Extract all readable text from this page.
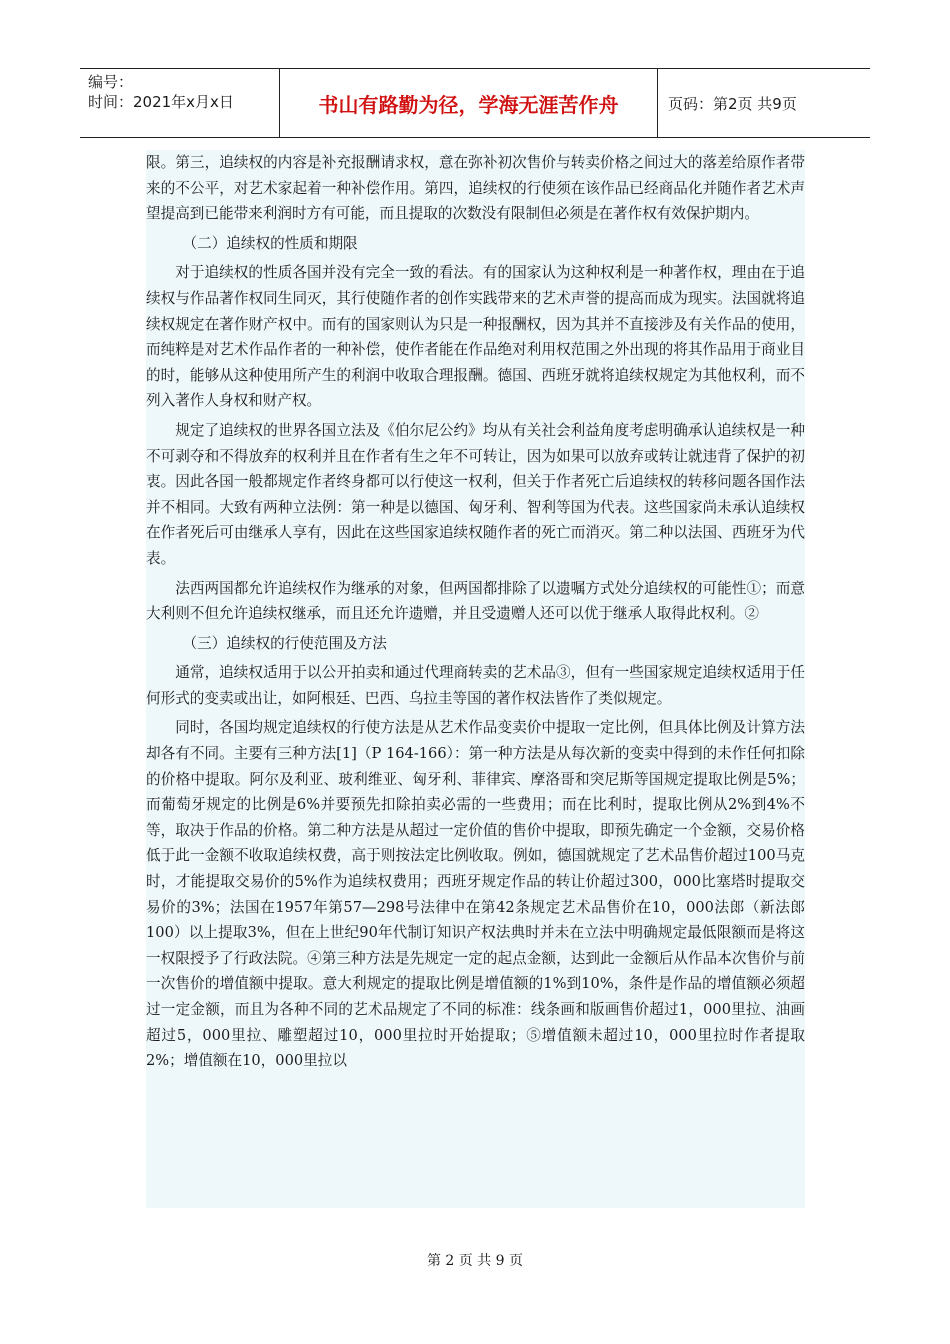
编号：
时间：2021年x月x日	书山有路勤为径，学海无涯苦作舟	页码：第2页 共9页

限。第三，追续权的内容是补充报酬请求权，意在弥补初次售价与转卖价格之间过大的落差给原作者带来的不公平，对艺术家起着一种补偿作用。第四，追续权的行使须在该作品已经商品化并随作者艺术声望提高到已能带来利润时方有可能，而且提取的次数没有限制但必须是在著作权有效保护期内。

（二）追续权的性质和期限

对于追续权的性质各国并没有完全一致的看法。有的国家认为这种权利是一种著作权，理由在于追续权与作品著作权同生同灭，其行使随作者的创作实践带来的艺术声誉的提高而成为现实。法国就将追续权规定在著作财产权中。而有的国家则认为只是一种报酬权，因为其并不直接涉及有关作品的使用，而纯粹是对艺术作品作者的一种补偿，使作者能在作品绝对利用权范围之外出现的将其作品用于商业目的时，能够从这种使用所产生的利润中收取合理报酬。德国、西班牙就将追续权规定为其他权利，而不列入著作人身权和财产权。

规定了追续权的世界各国立法及《伯尔尼公约》均从有关社会利益角度考虑明确承认追续权是一种不可剥夺和不得放弃的权利并且在作者有生之年不可转让，因为如果可以放弃或转让就违背了保护的初衷。因此各国一般都规定作者终身都可以行使这一权利，但关于作者死亡后追续权的转移问题各国作法并不相同。大致有两种立法例：第一种是以德国、匈牙利、智利等国为代表。这些国家尚未承认追续权在作者死后可由继承人享有，因此在这些国家追续权随作者的死亡而消灭。第二种以法国、西班牙为代表。

法西两国都允许追续权作为继承的对象，但两国都排除了以遗嘱方式处分追续权的可能性①；而意大利则不但允许追续权继承，而且还允许遗赠，并且受遗赠人还可以优于继承人取得此权利。②

（三）追续权的行使范围及方法

通常，追续权适用于以公开拍卖和通过代理商转卖的艺术品③，但有一些国家规定追续权适用于任何形式的变卖或出让，如阿根廷、巴西、乌拉圭等国的著作权法皆作了类似规定。

同时，各国均规定追续权的行使方法是从艺术作品变卖价中提取一定比例，但具体比例及计算方法却各有不同。主要有三种方法[1]（P 164-166）：第一种方法是从每次新的变卖中得到的未作任何扣除的价格中提取。阿尔及利亚、玻利维亚、匈牙利、菲律宾、摩洛哥和突尼斯等国规定提取比例是5%；而葡萄牙规定的比例是6%并要预先扣除拍卖必需的一些费用；而在比利时，提取比例从2%到4%不等，取决于作品的价格。第二种方法是从超过一定价值的售价中提取，即预先确定一个金额，交易价格低于此一金额不收取追续权费，高于则按法定比例收取。例如，德国就规定了艺术品售价超过100马克时，才能提取交易价的5%作为追续权费用；西班牙规定作品的转让价超过300，000比塞塔时提取交易价的3%；法国在1957年第57—298号法律中在第42条规定艺术品售价在10，000法郎（新法郎100）以上提取3%，但在上世纪90年代制订知识产权法典时并未在立法中明确规定最低限额而是将这一权限授予了行政法院。④第三种方法是先规定一定的起点金额，达到此一金额后从作品本次售价与前一次售价的增值额中提取。意大利规定的提取比例是增值额的1%到10%，条件是作品的增值额必须超过一定金额，而且为各种不同的艺术品规定了不同的标准：线条画和版画售价超过1，000里拉、油画超过5，000里拉、雕塑超过10，000里拉时开始提取；⑤增值额未超过10，000里拉时作者提取2%；增值额在10，000里拉以

第 2 页 共 9 页
